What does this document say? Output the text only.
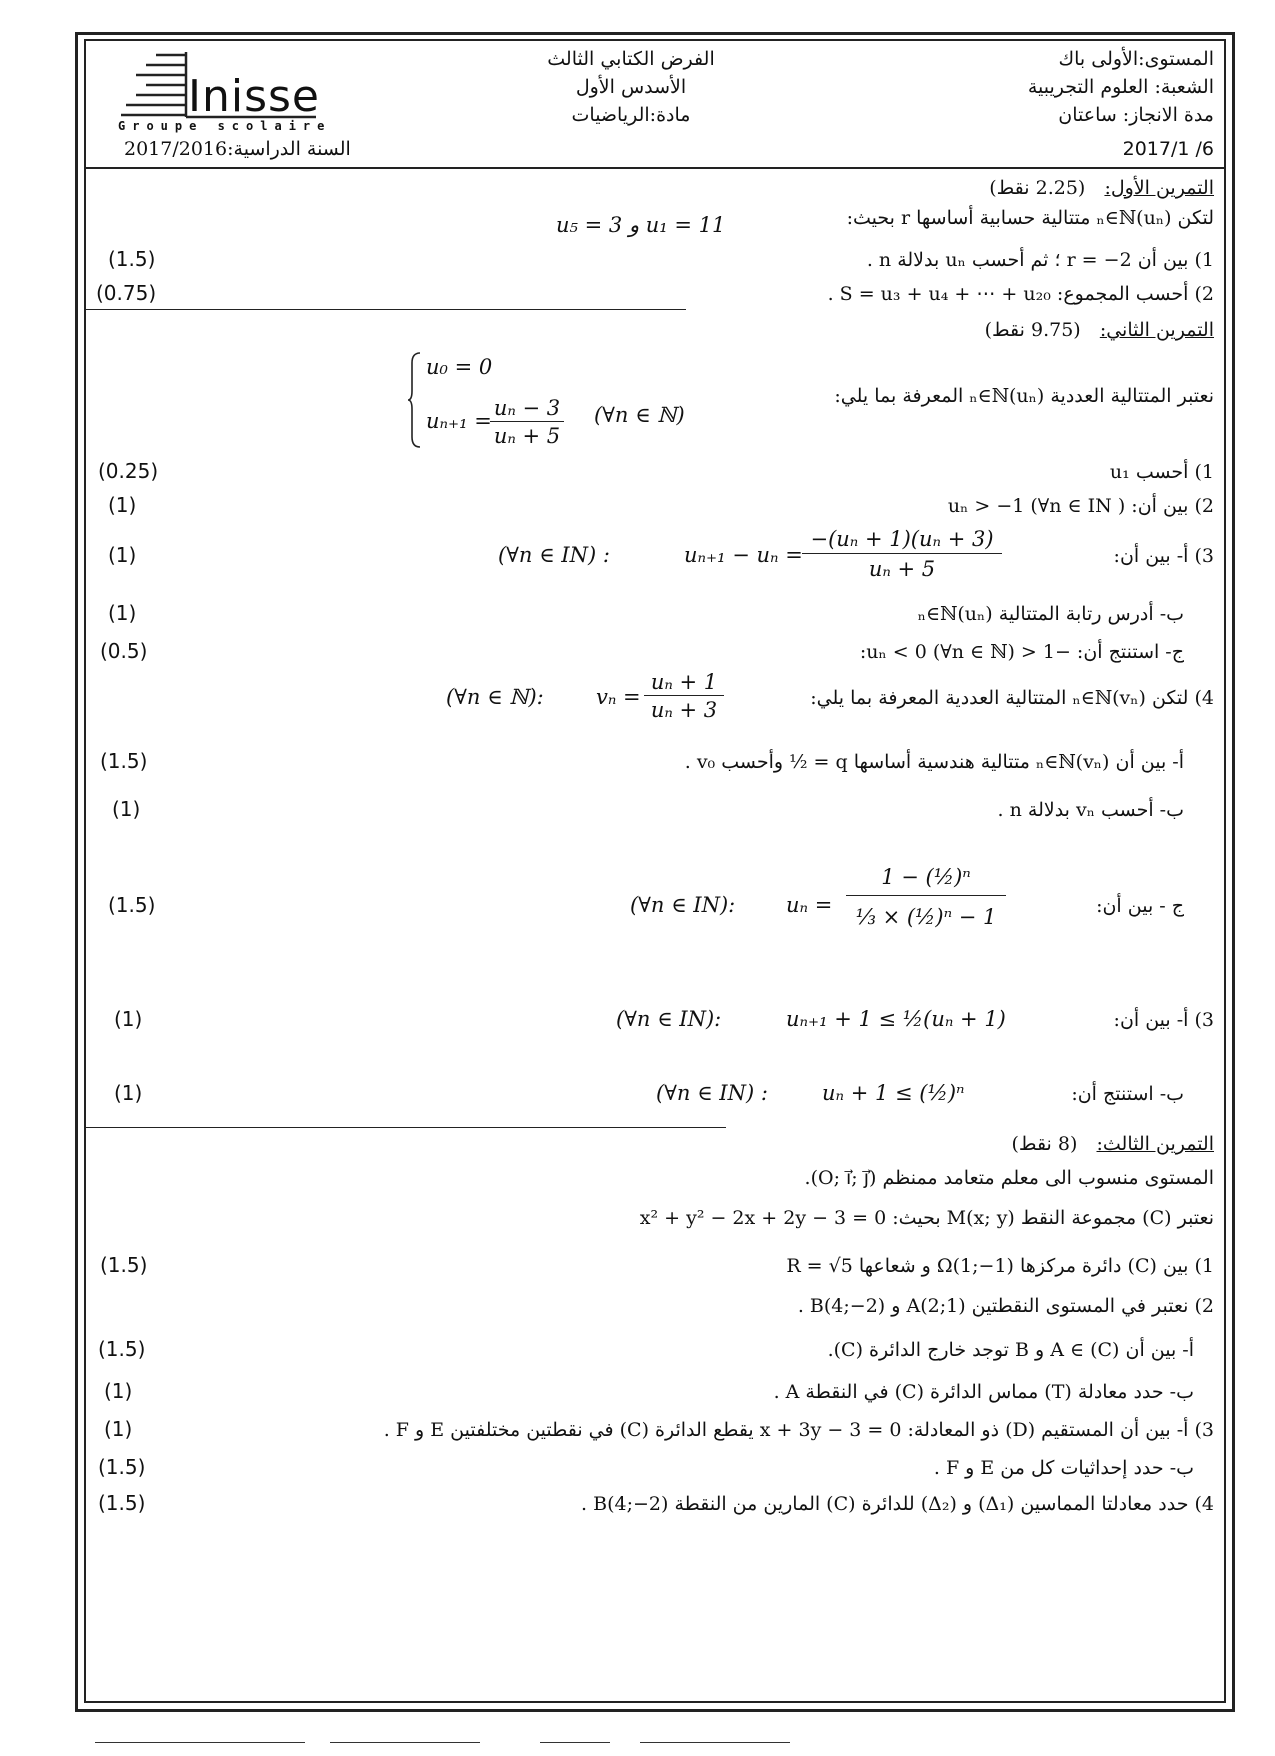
Inisse
Groupe scolaire
المستوى:الأولى باك
الشعبة: العلوم التجريبية
مدة الانجاز: ساعتان
2017/1 /6
الفرض الكتابي الثالث
الأسدس الأول
مادة:الرياضيات
السنة الدراسية:2017/2016
التمرين الأول: (2.25 نقط)
لتكن (uₙ)ₙ∈ℕ متتالية حسابية أساسها r بحيث:
u₅ = 3 و u₁ = 11
1) بين أن r = −2 ؛ ثم أحسب uₙ بدلالة n .
(1.5)
2) أحسب المجموع: S = u₃ + u₄ + ⋯ + u₂₀ .
(0.75)
التمرين الثاني: (9.75 نقط)
u₀ = 0
uₙ₊₁ =
uₙ − 3
uₙ + 5
(∀n ∈ ℕ)
نعتبر المتتالية العددية (uₙ)ₙ∈ℕ المعرفة بما يلي:
1) أحسب u₁
(0.25)
2) بين أن: uₙ > −1 (∀n ∈ IN )
(1)
3) أ- بين أن:
uₙ₊₁ − uₙ =
−(uₙ + 1)(uₙ + 3)
uₙ + 5
(∀n ∈ IN) :
(1)
ب- أدرس رتابة المتتالية (uₙ)ₙ∈ℕ
(1)
ج- استنتج أن: −1 < uₙ < 0 (∀n ∈ ℕ):
(0.5)
4) لتكن (vₙ)ₙ∈ℕ المتتالية العددية المعرفة بما يلي:
vₙ =
uₙ + 1
uₙ + 3
(∀n ∈ ℕ):
أ- بين أن (vₙ)ₙ∈ℕ متتالية هندسية أساسها q = ½ وأحسب v₀ .
(1.5)
ب- أحسب vₙ بدلالة n .
(1)
ج - بين أن:
uₙ =
1 − (½)ⁿ
⅓ × (½)ⁿ − 1
(∀n ∈ IN):
(1.5)
3) أ- بين أن:
uₙ₊₁ + 1 ≤ ½(uₙ + 1)
(∀n ∈ IN):
(1)
ب- استنتج أن:
uₙ + 1 ≤ (½)ⁿ
(∀n ∈ IN) :
(1)
التمرين الثالث: (8 نقط)
المستوى منسوب الى معلم متعامد ممنظم (O; i⃗; j⃗).
نعتبر (C) مجموعة النقط M(x; y) بحيث: x² + y² − 2x + 2y − 3 = 0
1) بين (C) دائرة مركزها Ω(1;−1) و شعاعها R = √5
(1.5)
2) نعتبر في المستوى النقطتين A(2;1) و B(4;−2) .
أ- بين أن A ∈ (C) و B توجد خارج الدائرة (C).
(1.5)
ب- حدد معادلة (T) مماس الدائرة (C) في النقطة A .
(1)
3) أ- بين أن المستقيم (D) ذو المعادلة: x + 3y − 3 = 0 يقطع الدائرة (C) في نقطتين مختلفتين E و F .
(1)
ب- حدد إحداثيات كل من E و F .
(1.5)
4) حدد معادلتا المماسين (Δ₁) و (Δ₂) للدائرة (C) المارين من النقطة B(4;−2) .
(1.5)
